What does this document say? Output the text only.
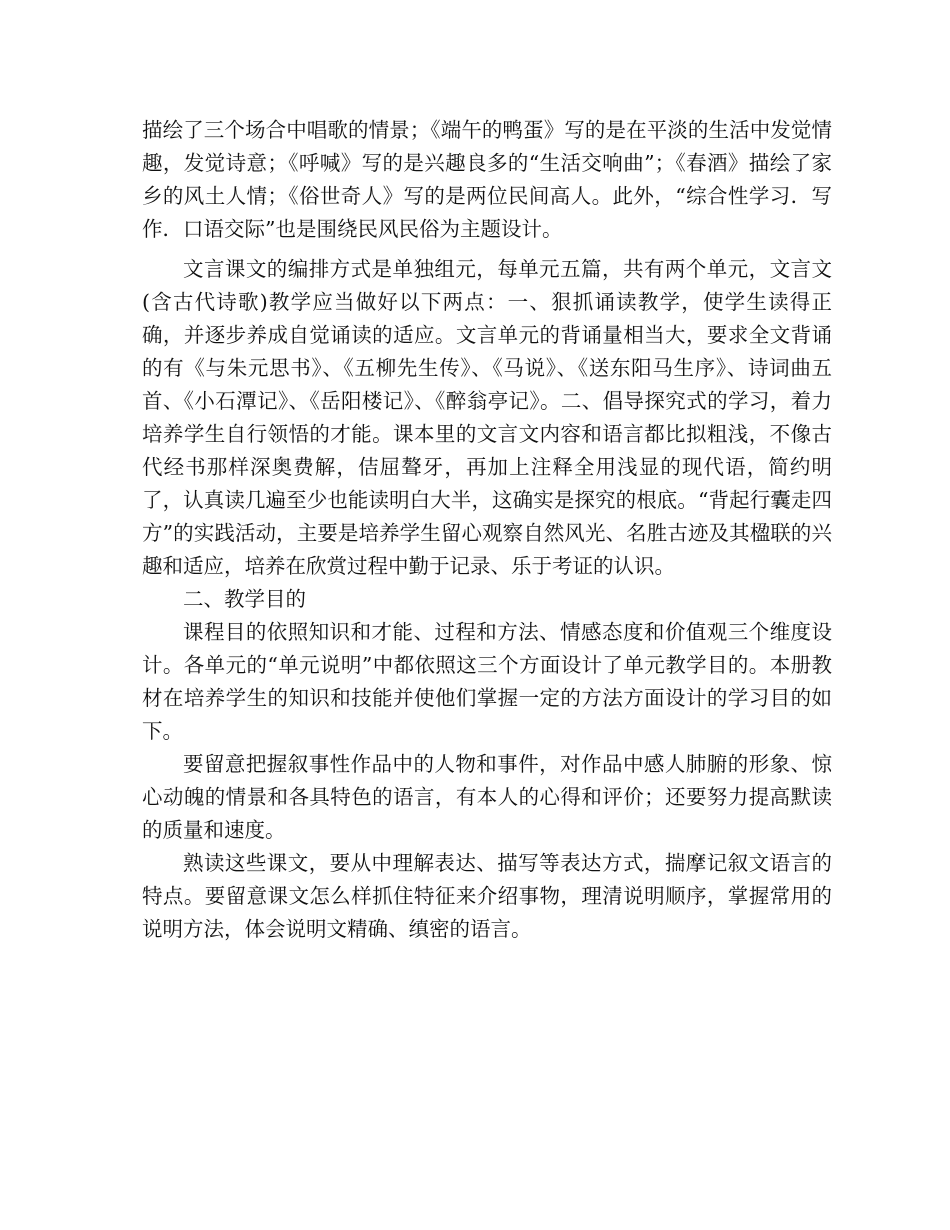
描绘了三个场合中唱歌的情景；《端午的鸭蛋》写的是在平淡的生活中发觉情趣，发觉诗意；《呼喊》写的是兴趣良多的“生活交响曲”；《春酒》描绘了家乡的风土人情；《俗世奇人》写的是两位民间高人。此外，“综合性学习．写作．口语交际”也是围绕民风民俗为主题设计。

文言课文的编排方式是单独组元，每单元五篇，共有两个单元，文言文(含古代诗歌)教学应当做好以下两点：一、狠抓诵读教学，使学生读得正确，并逐步养成自觉诵读的适应。文言单元的背诵量相当大，要求全文背诵的有《与朱元思书》、《五柳先生传》、《马说》、《送东阳马生序》、诗词曲五首、《小石潭记》、《岳阳楼记》、《醉翁亭记》。二、倡导探究式的学习，着力培养学生自行领悟的才能。课本里的文言文内容和语言都比拟粗浅，不像古代经书那样深奥费解，佶屈聱牙，再加上注释全用浅显的现代语，简约明了，认真读几遍至少也能读明白大半，这确实是探究的根底。“背起行囊走四方”的实践活动，主要是培养学生留心观察自然风光、名胜古迹及其楹联的兴趣和适应，培养在欣赏过程中勤于记录、乐于考证的认识。

二、教学目的

课程目的依照知识和才能、过程和方法、情感态度和价值观三个维度设计。各单元的“单元说明”中都依照这三个方面设计了单元教学目的。本册教材在培养学生的知识和技能并使他们掌握一定的方法方面设计的学习目的如下。

要留意把握叙事性作品中的人物和事件，对作品中感人肺腑的形象、惊心动魄的情景和各具特色的语言，有本人的心得和评价；还要努力提高默读的质量和速度。

熟读这些课文，要从中理解表达、描写等表达方式，揣摩记叙文语言的特点。要留意课文怎么样抓住特征来介绍事物，理清说明顺序，掌握常用的说明方法，体会说明文精确、缜密的语言。
